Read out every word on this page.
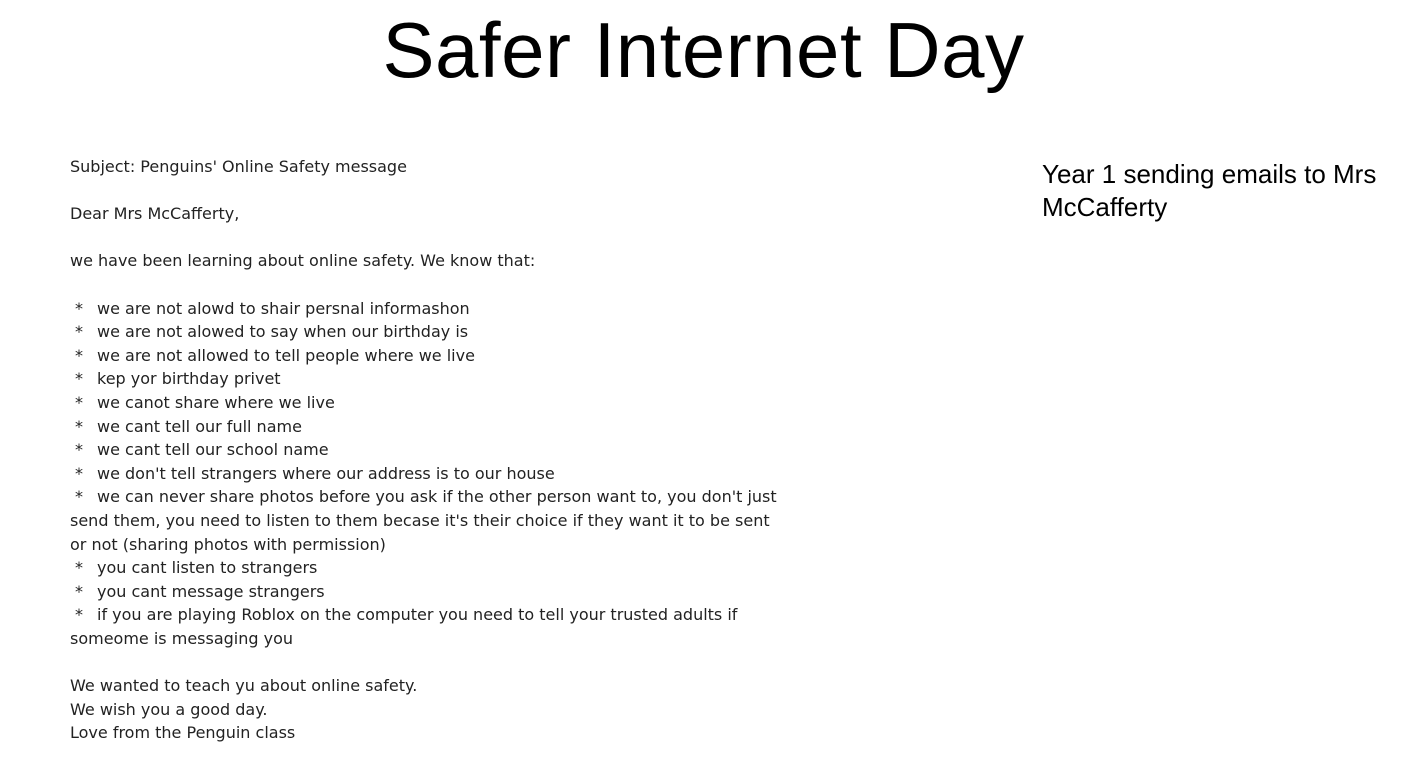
Safer Internet Day
Subject: Penguins' Online Safety message
Dear Mrs McCafferty,
we have been learning about online safety. We know that:
* we are not alowd to shair persnal informashon
* we are not alowed to say when our birthday is
* we are not allowed to tell people where we live
* kep yor birthday privet
* we canot share where we live
* we cant tell our full name
* we cant tell our school name
* we don't tell strangers where our address is to our house
* we can never share photos before you ask if the other person want to, you don't just send them, you need to listen to them becase it's their choice if they want it to be sent or not (sharing photos with permission)
* you cant listen to strangers
* you cant message strangers
* if you are playing Roblox on the computer you need to tell your trusted adults if someome is messaging you
We wanted to teach yu about online safety.
We wish you a good day.
Love from the Penguin class
Year 1 sending emails to Mrs McCafferty
